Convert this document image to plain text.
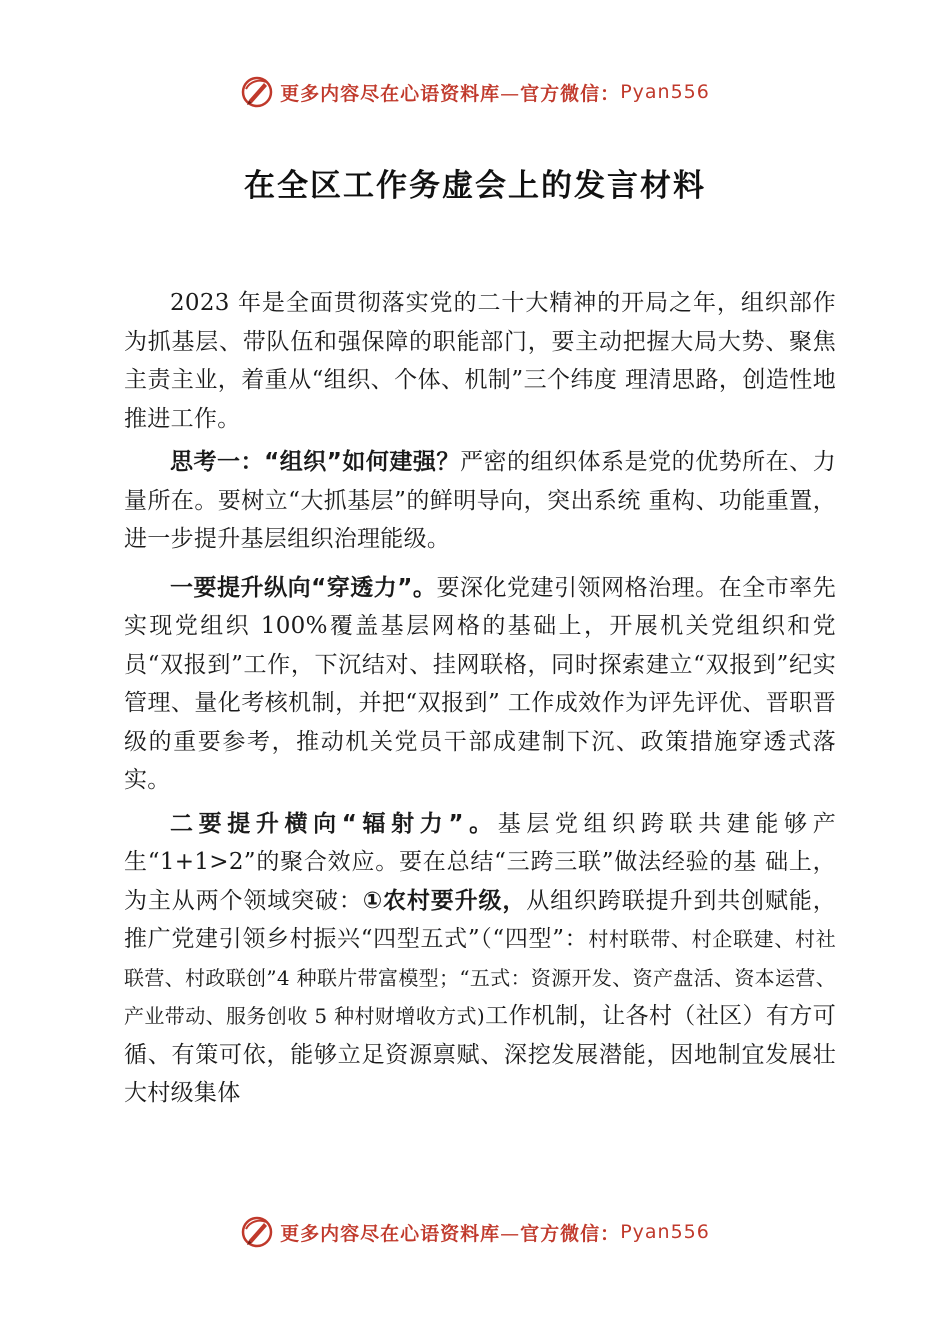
更多内容尽在心语资料库—官方微信： Pyan556
在全区工作务虚会上的发言材料

2023 年是全面贯彻落实党的二十大精神的开局之年，组织部作为抓基层、带队伍和强保障的职能部门，要主动把握大局大势、聚焦主责主业，着重从“组织、个体、机制”三个纬度 理清思路，创造性地推进工作。

思考一：“组织”如何建强？严密的组织体系是党的优势所在、力量所在。要树立“大抓基层”的鲜明导向，突出系统 重构、功能重置，进一步提升基层组织治理能级。

一要提升纵向“穿透力”。要深化党建引领网格治理。在全市率先实现党组织 100%覆盖基层网格的基础上，开展机关党组织和党员“双报到”工作，下沉结对、挂网联格，同时探索建立“双报到”纪实管理、量化考核机制，并把“双报到” 工作成效作为评先评优、晋职晋级的重要参考，推动机关党员干部成建制下沉、政策措施穿透式落实。

二要提升横向“辐射力”。基层党组织跨联共建能够产生“1+1>2”的聚合效应。要在总结“三跨三联”做法经验的基 础上，为主从两个领域突破：①农村要升级，从组织跨联提升到共创赋能，推广党建引领乡村振兴“四型五式”（“四型”：村村联带、村企联建、村社联营、村政联创”4 种联片带富模型；“五式：资源开发、资产盘活、资本运营、产业带动、服务创收 5 种村财增收方式)工作机制，让各村（社区）有方可循、有策可依，能够立足资源禀赋、深挖发展潜能，因地制宜发展壮大村级集体

更多内容尽在心语资料库—官方微信： Pyan556
